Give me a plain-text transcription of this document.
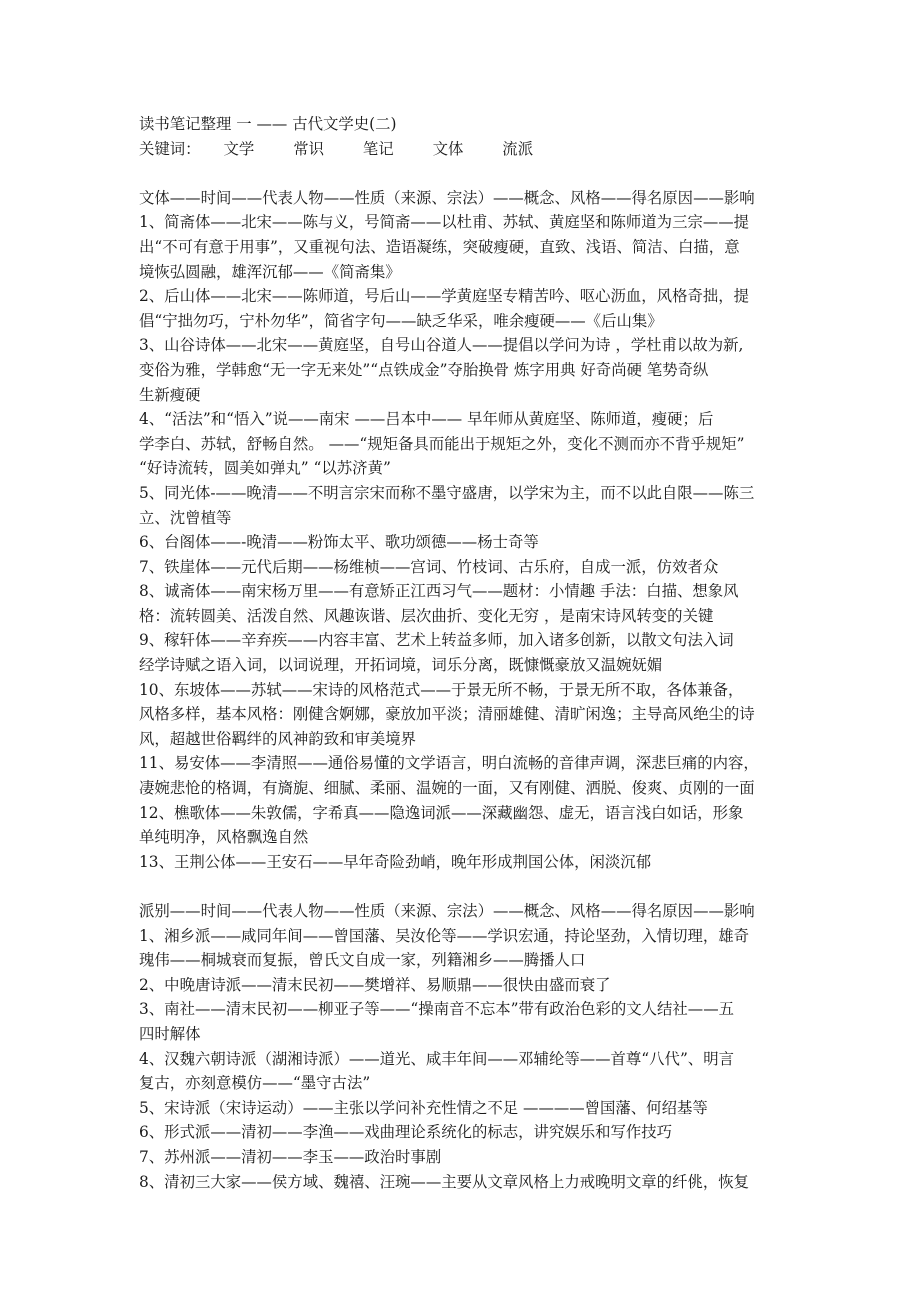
读书笔记整理 一 —— 古代文学史(二)
关键词： 文学	常识	笔记	文体	流派
文体——时间——代表人物——性质（来源、宗法）——概念、风格——得名原因——影响
1、简斋体——北宋——陈与义，号简斋——以杜甫、苏轼、黄庭坚和陈师道为三宗——提
出“不可有意于用事”，又重视句法、造语凝练，突破瘦硬，直致、浅语、简洁、白描，意
境恢弘圆融，雄浑沉郁——《简斋集》
2、后山体——北宋——陈师道，号后山——学黄庭坚专精苦吟、呕心沥血，风格奇拙，提
倡“宁拙勿巧，宁朴勿华”，简省字句——缺乏华采，唯余瘦硬——《后山集》
3、山谷诗体——北宋——黄庭坚，自号山谷道人——提倡以学问为诗 ，学杜甫以故为新,
变俗为雅，学韩愈“无一字无来处”“点铁成金”夺胎换骨 炼字用典 好奇尚硬 笔势奇纵
生新瘦硬
4、“活法”和“悟入”说——南宋 ——吕本中—— 早年师从黄庭坚、陈师道，瘦硬；后
学李白、苏轼，舒畅自然。 ——“规矩备具而能出于规矩之外，变化不测而亦不背乎规矩”
“好诗流转，圆美如弹丸” “以苏济黄”
5、同光体-——晚清——不明言宗宋而称不墨守盛唐，以学宋为主，而不以此自限——陈三
立、沈曾植等
6、台阁体——-晚清——粉饰太平、歌功颂德——杨士奇等
7、铁崖体——元代后期——杨维桢——宫词、竹枝词、古乐府，自成一派，仿效者众
8、诚斋体——南宋杨万里——有意矫正江西习气——题材：小情趣 手法：白描、想象风
格：流转圆美、活泼自然、风趣诙谐、层次曲折、变化无穷 ，是南宋诗风转变的关键
9、稼轩体——辛弃疾——内容丰富、艺术上转益多师，加入诸多创新，以散文句法入词
经学诗赋之语入词，以词说理，开拓词境，词乐分离，既慷慨豪放又温婉妩媚
10、东坡体——苏轼——宋诗的风格范式——于景无所不畅，于景无所不取，各体兼备，
风格多样，基本风格：刚健含婀娜，豪放加平淡；清丽雄健、清旷闲逸；主导高风绝尘的诗
风，超越世俗羁绊的风神韵致和审美境界
11、易安体——李清照——通俗易懂的文学语言，明白流畅的音律声调，深悲巨痛的内容，
凄婉悲怆的格调，有旖旎、细腻、柔丽、温婉的一面，又有刚健、洒脱、俊爽、贞刚的一面
12、樵歌体——朱敦儒，字希真——隐逸词派——深藏幽怨、虚无，语言浅白如话，形象
单纯明净，风格飘逸自然
13、王荆公体——王安石——早年奇险劲峭，晚年形成荆国公体，闲淡沉郁
派别——时间——代表人物——性质（来源、宗法）——概念、风格——得名原因——影响
1、湘乡派——咸同年间——曾国藩、吴汝伦等——学识宏通，持论坚劲，入情切理，雄奇
瑰伟——桐城衰而复振，曾氏文自成一家，列籍湘乡——腾播人口
2、中晚唐诗派——清末民初——樊增祥、易顺鼎——很快由盛而衰了
3、南社——清末民初——柳亚子等——“操南音不忘本”带有政治色彩的文人结社——五
四时解体
4、汉魏六朝诗派（湖湘诗派）——道光、咸丰年间——邓辅纶等——首尊“八代”、明言
复古，亦刻意模仿——“墨守古法”
5、宋诗派（宋诗运动）——主张以学问补充性情之不足 ————曾国藩、何绍基等
6、形式派——清初——李渔——戏曲理论系统化的标志，讲究娱乐和写作技巧
7、苏州派——清初——李玉——政治时事剧
8、清初三大家——侯方域、魏禧、汪琬——主要从文章风格上力戒晚明文章的纤佻，恢复
